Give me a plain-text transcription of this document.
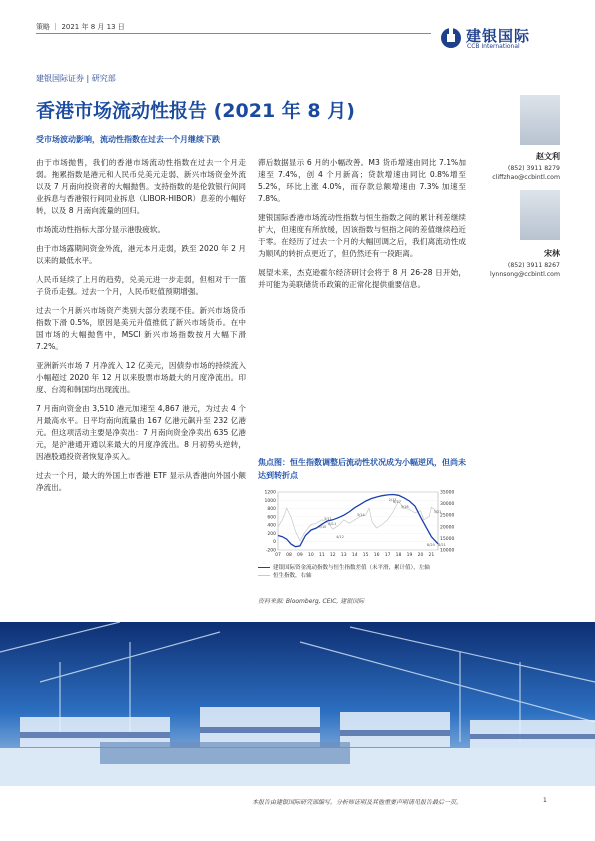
策略 ｜ 2021 年 8 月 13 日	建银国际
CCB International
建银国际证券 | 研究部
香港市场流动性报告 (2021 年 8 月)
受市场波动影响，流动性指数在过去一个月继续下跌

由于市场抛售，我们的香港市场流动性指数在过去一个月走弱。拖累指数是港元和人民币兑美元走弱、新兴市场资金外流以及 7 月南向投资者的大幅抛售。支持指数的是伦敦银行间同业拆息与香港银行间同业拆息（LIBOR-HIBOR）息差的小幅好转，以及 8 月南向流量的回归。

市场流动性指标大部分显示港股疲软。

由于市场露期间资金外流，港元本月走弱，跌至 2020 年 2 月以来的最低水平。

人民币延续了上月的趋势，兑美元进一步走弱，但相对于一篮子货币走强。过去一个月，人民币贬值预期增强。

过去一个月新兴市场资产类别大部分表现不佳。新兴市场货币指数下滑 0.5%，原因是美元升值推低了新兴市场货币。在中国市场的大幅抛售中，MSCI 新兴市场指数按月大幅下滑 7.2%。

亚洲新兴市场 7 月净流入 12 亿美元，因债券市场的持续流入小幅超过 2020 年 12 月以来股票市场最大的月度净流出。印度、台湾和韩国均出现流出。

7 月南向资金由 3,510 港元加速至 4,867 港元，为过去 4 个月最高水平。日平均南向流量由 167 亿港元飙升至 232 亿港元。但这项活动主要是净卖出：7 月南向资金净卖出 635 亿港元，是沪港通开通以来最大的月度净流出。8 月初势头逆转，因港股通投资者恢复净买入。

过去一个月，最大的外国上市香港 ETF 显示从香港向外国小额净流出。

滞后数据显示 6 月的小幅改善。M3 货币增速由同比 7.1%加速至 7.4%，创 4 个月新高；贷款增速由同比 0.8%增至 5.2%，环比上涨 4.0%，而存款总额增速由 7.3% 加速至 7.8%。

建银国际香港市场流动性指数与恒生指数之间的累计利差继续扩大，但速度有所放缓，因该指数与恒指之间的差值继续趋近于零。在经历了过去一个月的大幅回调之后，我们离流动性成为顺风的转折点更近了，但仍然还有一段距离。

展望未来，杰克逊霍尔经济研讨会将于 8 月 26-28 日开始，并可能为美联储货币政策的正常化提供重要信息。

赵文利
(852) 3911 8279
cliffzhao@ccbintl.com
宋林
(852) 3911 8267
lynnsong@ccbintl.com
焦点图：恒生指数调整后流动性状况成为小幅逆风，但尚未达到转折点
-200
0
200
400
600
800
1000
1200
10000
15000
20000
25000
30000
35000
07 08 09 10 11 12 13 14 15 16 17 18 19 20 21
3/14
3/18
3/21
8/11
9/10
3/11
6/17
4/12
8/20 8/21
2/17
建银国际资金流动指数与恒生指数差值（未平滑，累计值），左轴
恒生指数，右轴
资料来源: Bloomberg, CEIC, 建银国际
本报告由建银国际研究部编写。分析师证明及其他重要声明请见报告最后一页。	1
